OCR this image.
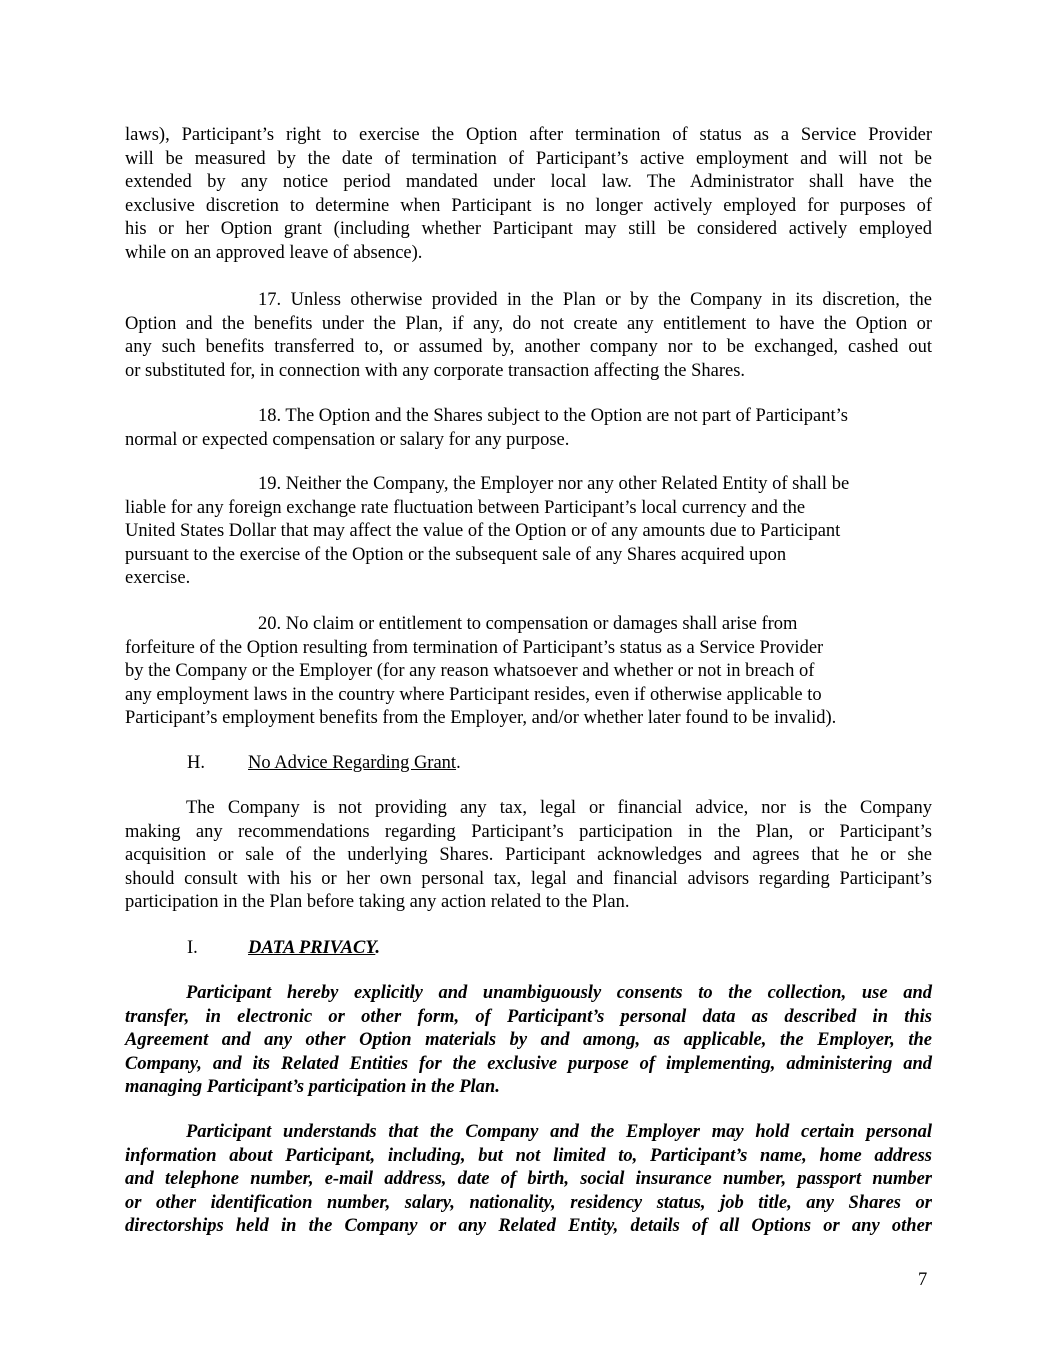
laws), Participant’s right to exercise the Option after termination of status as a Service Provider
will be measured by the date of termination of Participant’s active employment and will not be
extended by any notice period mandated under local law. The Administrator shall have the
exclusive discretion to determine when Participant is no longer actively employed for purposes of
his or her Option grant (including whether Participant may still be considered actively employed
while on an approved leave of absence).
17. Unless otherwise provided in the Plan or by the Company in its discretion, the
Option and the benefits under the Plan, if any, do not create any entitlement to have the Option or
any such benefits transferred to, or assumed by, another company nor to be exchanged, cashed out
or substituted for, in connection with any corporate transaction affecting the Shares.
18. The Option and the Shares subject to the Option are not part of Participant’s
normal or expected compensation or salary for any purpose.
19. Neither the Company, the Employer nor any other Related Entity of shall be
liable for any foreign exchange rate fluctuation between Participant’s local currency and the
United States Dollar that may affect the value of the Option or of any amounts due to Participant
pursuant to the exercise of the Option or the subsequent sale of any Shares acquired upon
exercise.
20. No claim or entitlement to compensation or damages shall arise from
forfeiture of the Option resulting from termination of Participant’s status as a Service Provider
by the Company or the Employer (for any reason whatsoever and whether or not in breach of
any employment laws in the country where Participant resides, even if otherwise applicable to
Participant’s employment benefits from the Employer, and/or whether later found to be invalid).
H. No Advice Regarding Grant.
The Company is not providing any tax, legal or financial advice, nor is the Company
making any recommendations regarding Participant’s participation in the Plan, or Participant’s
acquisition or sale of the underlying Shares. Participant acknowledges and agrees that he or she
should consult with his or her own personal tax, legal and financial advisors regarding Participant’s
participation in the Plan before taking any action related to the Plan.
I.	DATA PRIVACY.
Participant hereby explicitly and unambiguously consents to the collection, use and
transfer, in electronic or other form, of Participant’s personal data as described in this
Agreement and any other Option materials by and among, as applicable, the Employer, the
Company, and its Related Entities for the exclusive purpose of implementing, administering and
managing Participant’s participation in the Plan.
Participant understands that the Company and the Employer may hold certain personal
information about Participant, including, but not limited to, Participant’s name, home address
and telephone number, e-mail address, date of birth, social insurance number, passport number
or other identification number, salary, nationality, residency status, job title, any Shares or
directorships held in the Company or any Related Entity, details of all Options or any other
7
